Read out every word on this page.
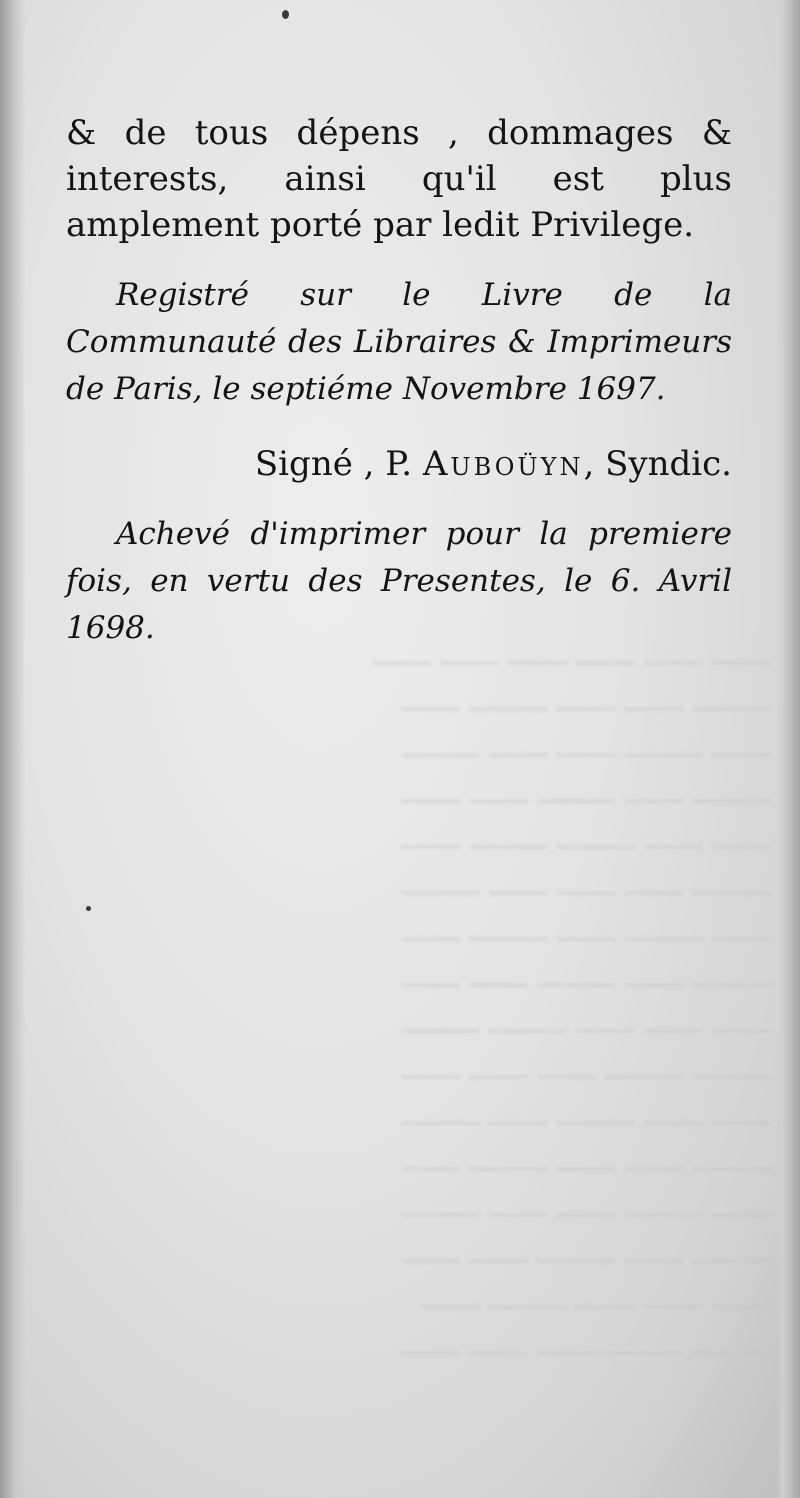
─── ─── ─── ─── ─── ───
──── ─── ─── ──── ───
─── ──── ─── ─── ────
──── ─── ──── ─── ───
─── ─── ──── ──── ───
──── ─── ─── ─── ────
─── ──── ─── ──── ───
──── ─── ──── ─── ───
─── ─── ─── ──── ────
──── ──── ─── ─── ───
─── ─── ──── ─── ────
──── ─── ─── ──── ───
─── ──── ─── ─── ────
──── ─── ──── ─── ───
─── ─── ─── ──── ───
──── ──── ─── ─── ───

& de tous dépens , dommages & interests, ainsi qu'il est plus amplement porté par ledit Privilege.

Registré sur le Livre de la Communauté des Libraires & Imprimeurs de Paris, le septiéme Novembre 1697.

Signé , P. Auboüyn, Syndic.

Achevé d'imprimer pour la premiere fois, en vertu des Presentes, le 6. Avril 1698.
